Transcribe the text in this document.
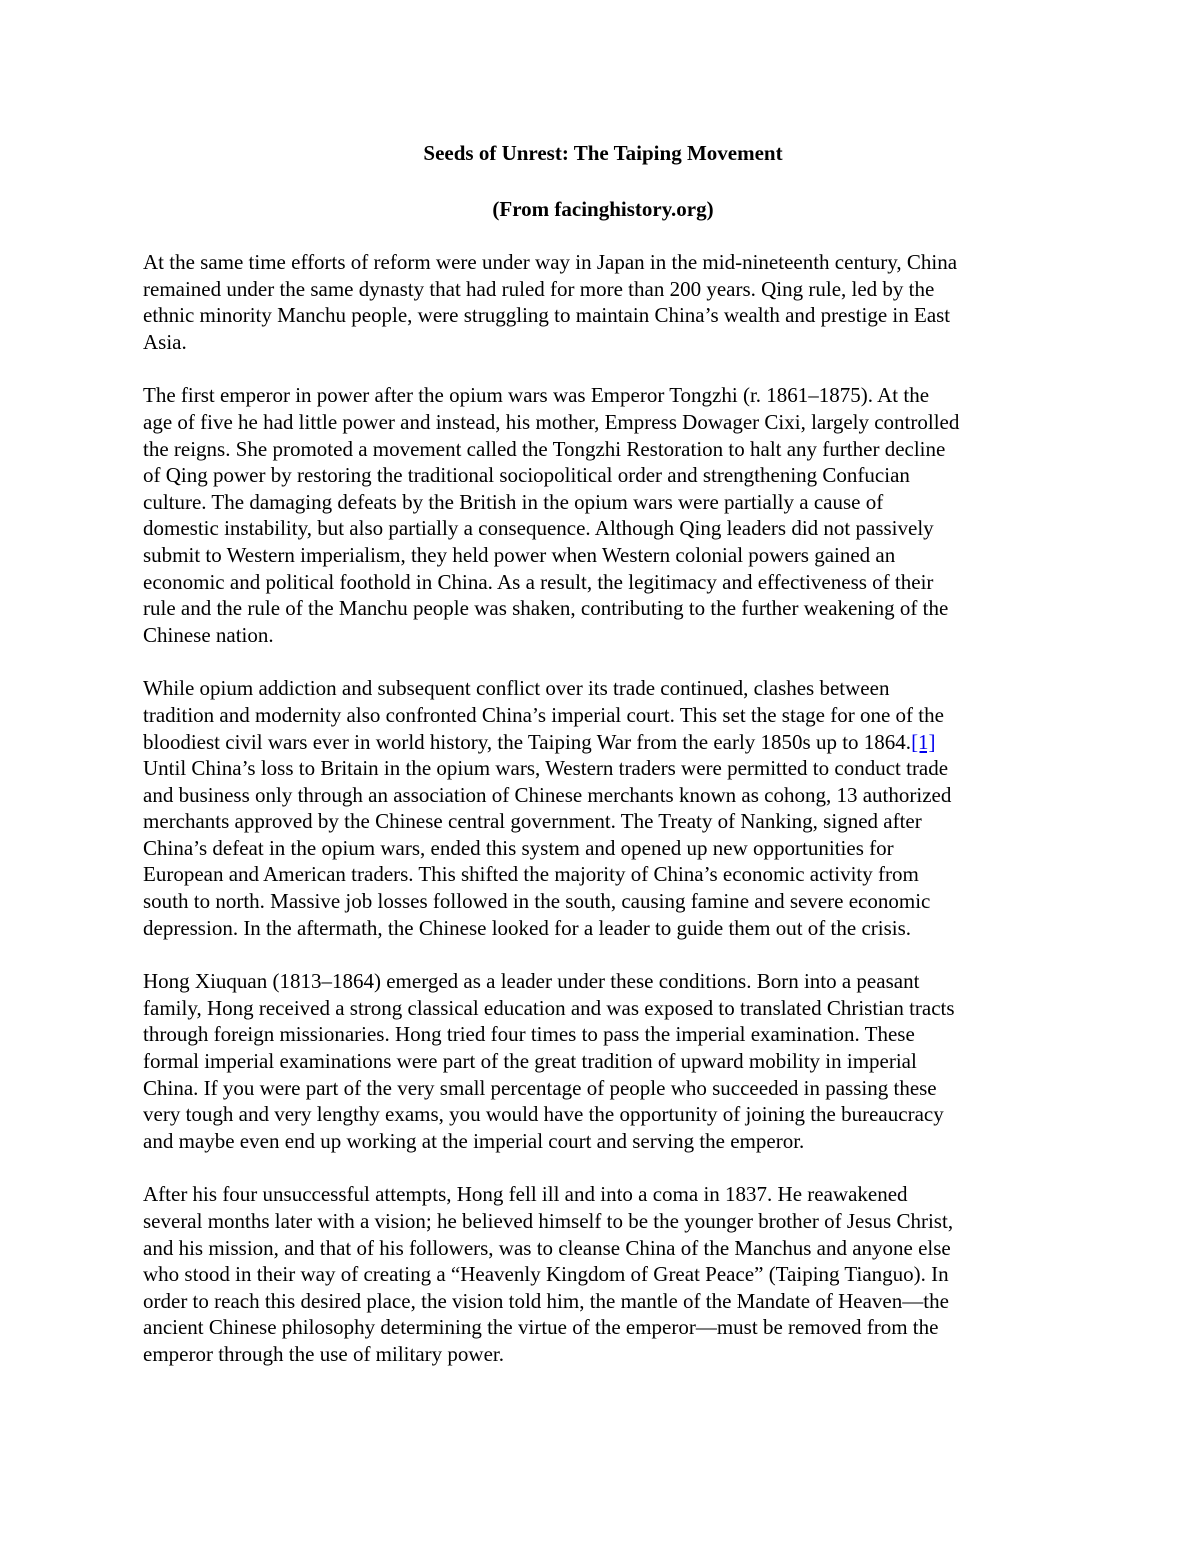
Seeds of Unrest: The Taiping Movement

(From facinghistory.org)

At the same time efforts of reform were under way in Japan in the mid-nineteenth century, China
remained under the same dynasty that had ruled for more than 200 years. Qing rule, led by the
ethnic minority Manchu people, were struggling to maintain China’s wealth and prestige in East
Asia.
The first emperor in power after the opium wars was Emperor Tongzhi (r. 1861–1875). At the
age of five he had little power and instead, his mother, Empress Dowager Cixi, largely controlled
the reigns. She promoted a movement called the Tongzhi Restoration to halt any further decline
of Qing power by restoring the traditional sociopolitical order and strengthening Confucian
culture. The damaging defeats by the British in the opium wars were partially a cause of
domestic instability, but also partially a consequence. Although Qing leaders did not passively
submit to Western imperialism, they held power when Western colonial powers gained an
economic and political foothold in China. As a result, the legitimacy and effectiveness of their
rule and the rule of the Manchu people was shaken, contributing to the further weakening of the
Chinese nation.
While opium addiction and subsequent conflict over its trade continued, clashes between
tradition and modernity also confronted China’s imperial court. This set the stage for one of the
bloodiest civil wars ever in world history, the Taiping War from the early 1850s up to 1864.[1]
Until China’s loss to Britain in the opium wars, Western traders were permitted to conduct trade
and business only through an association of Chinese merchants known as cohong, 13 authorized
merchants approved by the Chinese central government. The Treaty of Nanking, signed after
China’s defeat in the opium wars, ended this system and opened up new opportunities for
European and American traders. This shifted the majority of China’s economic activity from
south to north. Massive job losses followed in the south, causing famine and severe economic
depression. In the aftermath, the Chinese looked for a leader to guide them out of the crisis.
Hong Xiuquan (1813–1864) emerged as a leader under these conditions. Born into a peasant
family, Hong received a strong classical education and was exposed to translated Christian tracts
through foreign missionaries. Hong tried four times to pass the imperial examination. These
formal imperial examinations were part of the great tradition of upward mobility in imperial
China. If you were part of the very small percentage of people who succeeded in passing these
very tough and very lengthy exams, you would have the opportunity of joining the bureaucracy
and maybe even end up working at the imperial court and serving the emperor.
After his four unsuccessful attempts, Hong fell ill and into a coma in 1837. He reawakened
several months later with a vision; he believed himself to be the younger brother of Jesus Christ,
and his mission, and that of his followers, was to cleanse China of the Manchus and anyone else
who stood in their way of creating a “Heavenly Kingdom of Great Peace” (Taiping Tianguo). In
order to reach this desired place, the vision told him, the mantle of the Mandate of Heaven—the
ancient Chinese philosophy determining the virtue of the emperor—must be removed from the
emperor through the use of military power.
